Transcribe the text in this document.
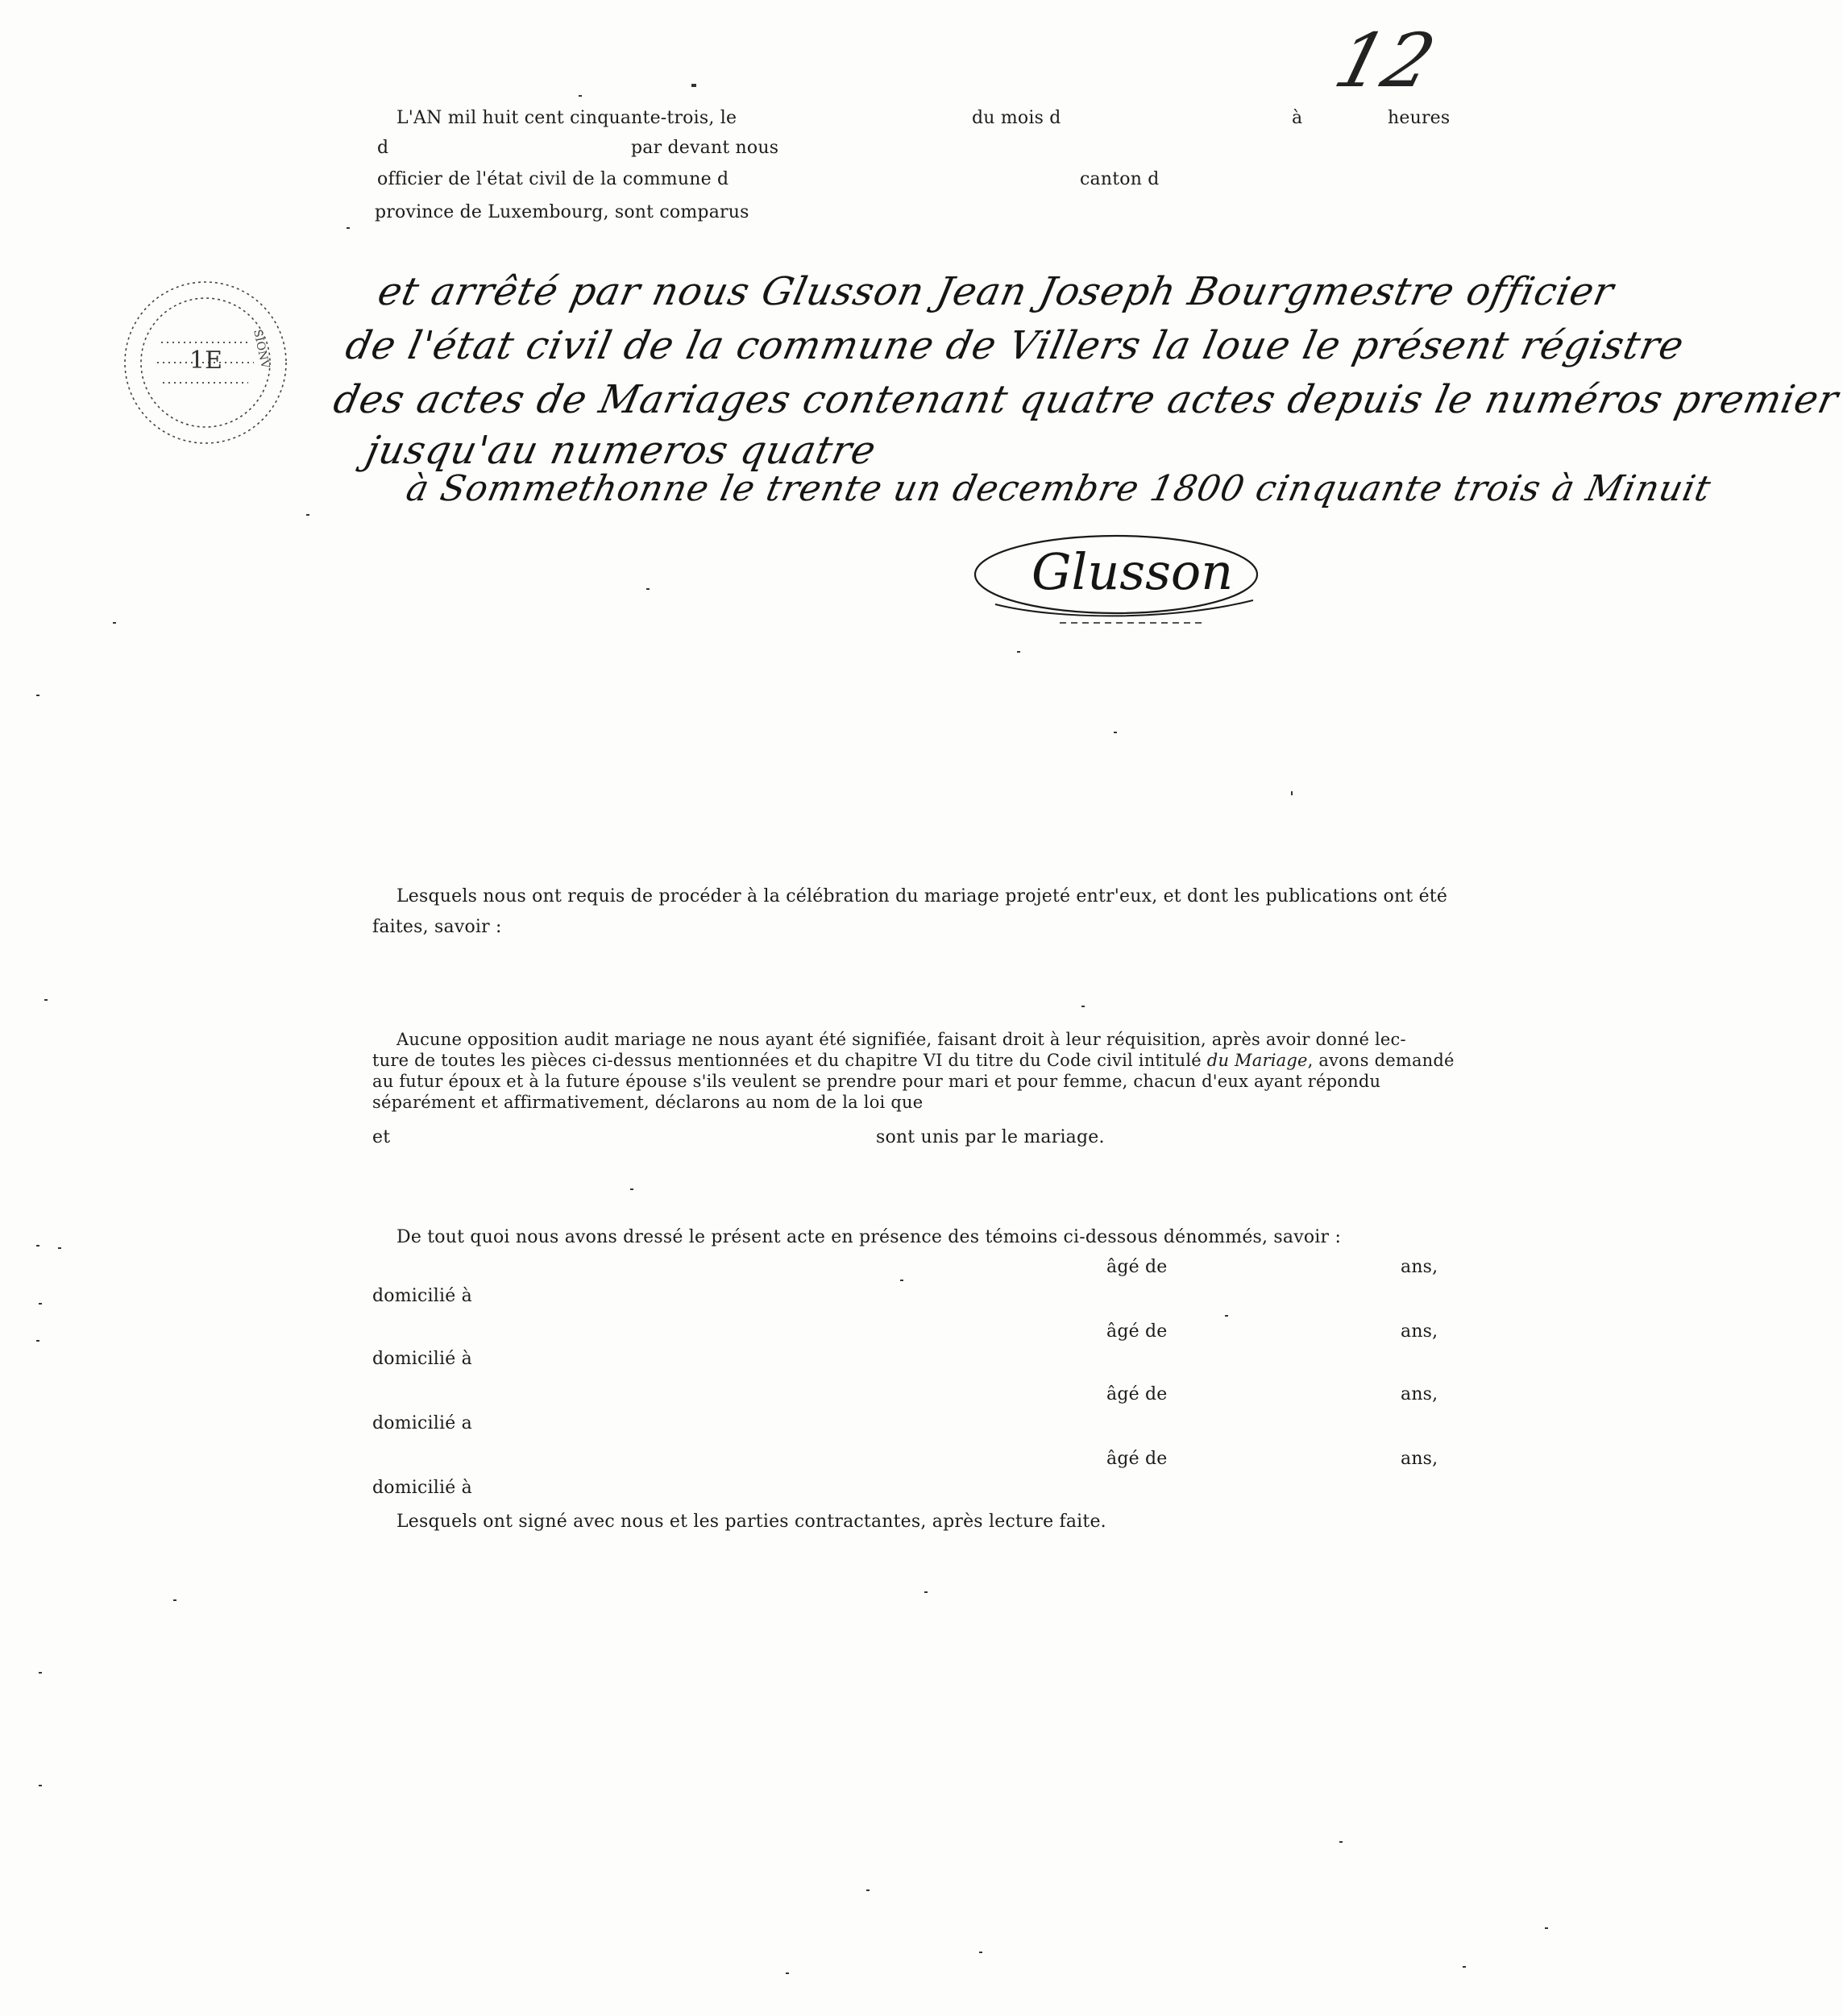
12
L'AN mil huit cent cinquante-trois, le	du mois d	à	heures
d	par devant nous
officier de l'état civil de la commune d	canton d
province de Luxembourg, sont comparus
1E	SIONV
et arrêté par nous Glusson Jean Joseph Bourgmestre officier
de l'état civil de la commune de Villers la loue le présent régistre
des actes de Mariages contenant quatre actes depuis le numéros premier
jusqu'au numeros quatre
à Sommethonne le trente un decembre 1800 cinquante trois à Minuit
Glusson
Lesquels nous ont requis de procéder à la célébration du mariage projeté entr'eux, et dont les publications ont été
faites, savoir :
Aucune opposition audit mariage ne nous ayant été signifiée, faisant droit à leur réquisition, après avoir donné lec-
ture de toutes les pièces ci-dessus mentionnées et du chapitre VI du titre du Code civil intitulé du Mariage, avons demandé
au futur époux et à la future épouse s'ils veulent se prendre pour mari et pour femme, chacun d'eux ayant répondu
séparément et affirmativement, déclarons au nom de la loi que
et	sont unis par le mariage.
De tout quoi nous avons dressé le présent acte en présence des témoins ci-dessous dénommés, savoir :
âgé de	ans,
domicilié à
âgé de	ans,
domicilié à
âgé de	ans,
domicilié a
âgé de	ans,
domicilié à
Lesquels ont signé avec nous et les parties contractantes, après lecture faite.
